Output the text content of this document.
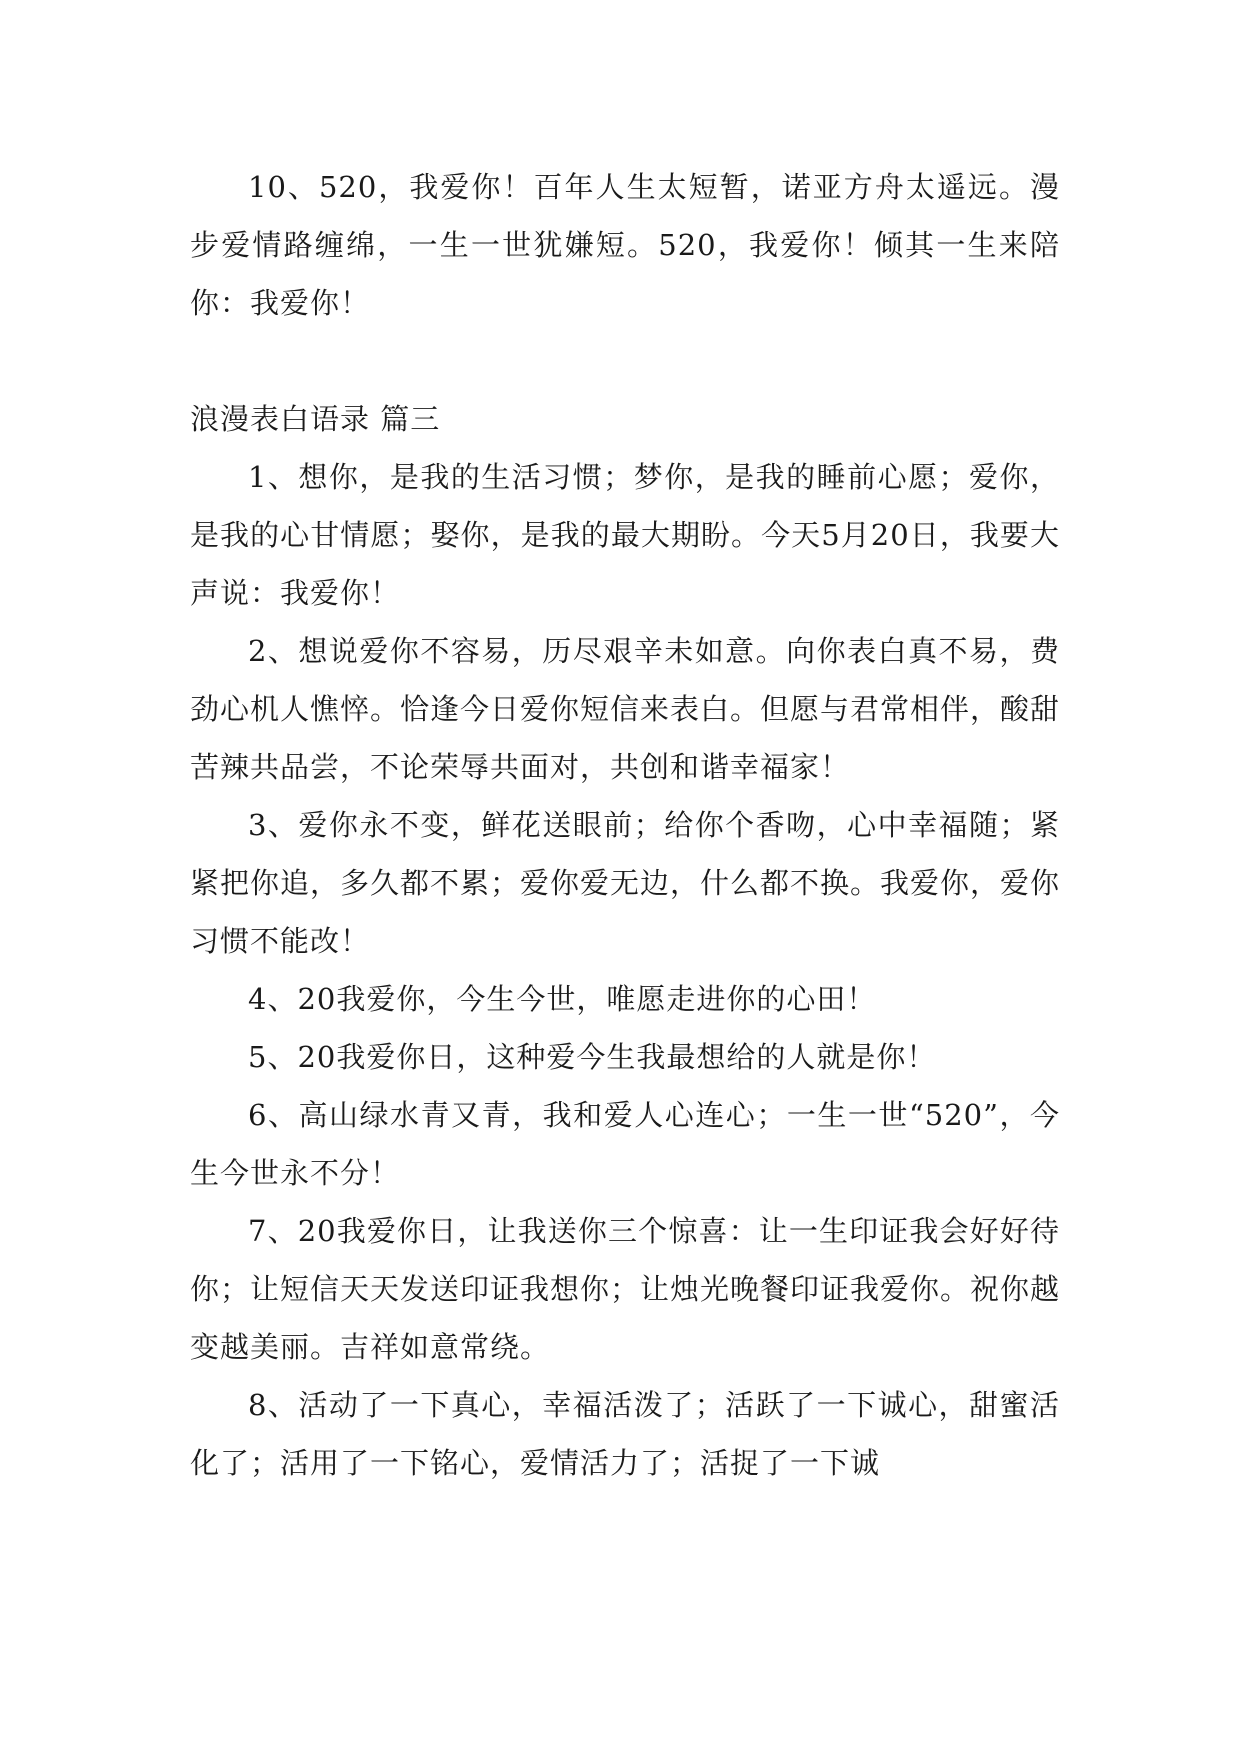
10、520，我爱你！百年人生太短暂，诺亚方舟太遥远。漫步爱情路缠绵，一生一世犹嫌短。520，我爱你！倾其一生来陪你：我爱你！

浪漫表白语录 篇三

1、想你，是我的生活习惯；梦你，是我的睡前心愿；爱你，是我的心甘情愿；娶你，是我的最大期盼。今天5月20日，我要大声说：我爱你！

2、想说爱你不容易，历尽艰辛未如意。向你表白真不易，费劲心机人憔悴。恰逢今日爱你短信来表白。但愿与君常相伴，酸甜苦辣共品尝，不论荣辱共面对，共创和谐幸福家！

3、爱你永不变，鲜花送眼前；给你个香吻，心中幸福随；紧紧把你追，多久都不累；爱你爱无边，什么都不换。我爱你，爱你习惯不能改！

4、20我爱你，今生今世，唯愿走进你的心田！

5、20我爱你日，这种爱今生我最想给的人就是你！

6、高山绿水青又青，我和爱人心连心；一生一世“520”，今生今世永不分！

7、20我爱你日，让我送你三个惊喜：让一生印证我会好好待你；让短信天天发送印证我想你；让烛光晚餐印证我爱你。祝你越变越美丽。吉祥如意常绕。

8、活动了一下真心，幸福活泼了；活跃了一下诚心，甜蜜活化了；活用了一下铭心，爱情活力了；活捉了一下诚
